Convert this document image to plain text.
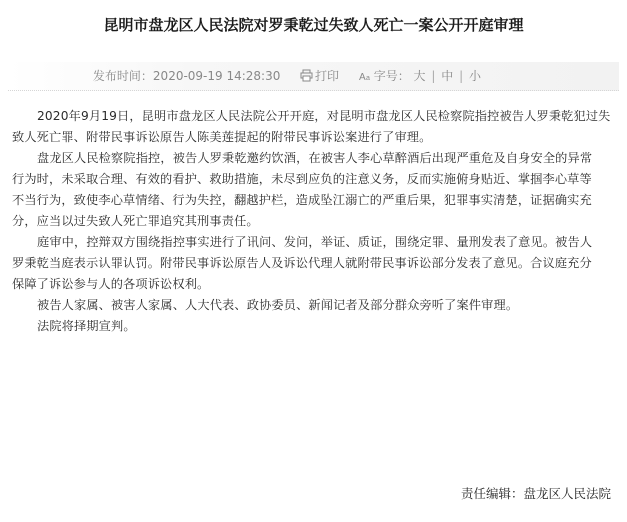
昆明市盘龙区人民法院对罗秉乾过失致人死亡一案公开开庭审理
发布时间：2020-09-19 14:28:30	打印 A a 字号： 大 | 中 | 小

2020年9月19日，昆明市盘龙区人民法院公开开庭，对昆明市盘龙区人民检察院指控被告人罗秉乾犯过失
致人死亡罪、附带民事诉讼原告人陈美莲提起的附带民事诉讼案进行了审理。

盘龙区人民检察院指控，被告人罗秉乾邀约饮酒，在被害人李心草醉酒后出现严重危及自身安全的异常
行为时，未采取合理、有效的看护、救助措施，未尽到应负的注意义务，反而实施俯身贴近、掌掴李心草等
不当行为，致使李心草情绪、行为失控，翻越护栏，造成坠江溺亡的严重后果，犯罪事实清楚，证据确实充
分，应当以过失致人死亡罪追究其刑事责任。

庭审中，控辩双方围绕指控事实进行了讯问、发问，举证、质证，围绕定罪、量刑发表了意见。被告人
罗秉乾当庭表示认罪认罚。附带民事诉讼原告人及诉讼代理人就附带民事诉讼部分发表了意见。合议庭充分
保障了诉讼参与人的各项诉讼权利。

被告人家属、被害人家属、人大代表、政协委员、新闻记者及部分群众旁听了案件审理。

法院将择期宣判。

责任编辑：盘龙区人民法院
